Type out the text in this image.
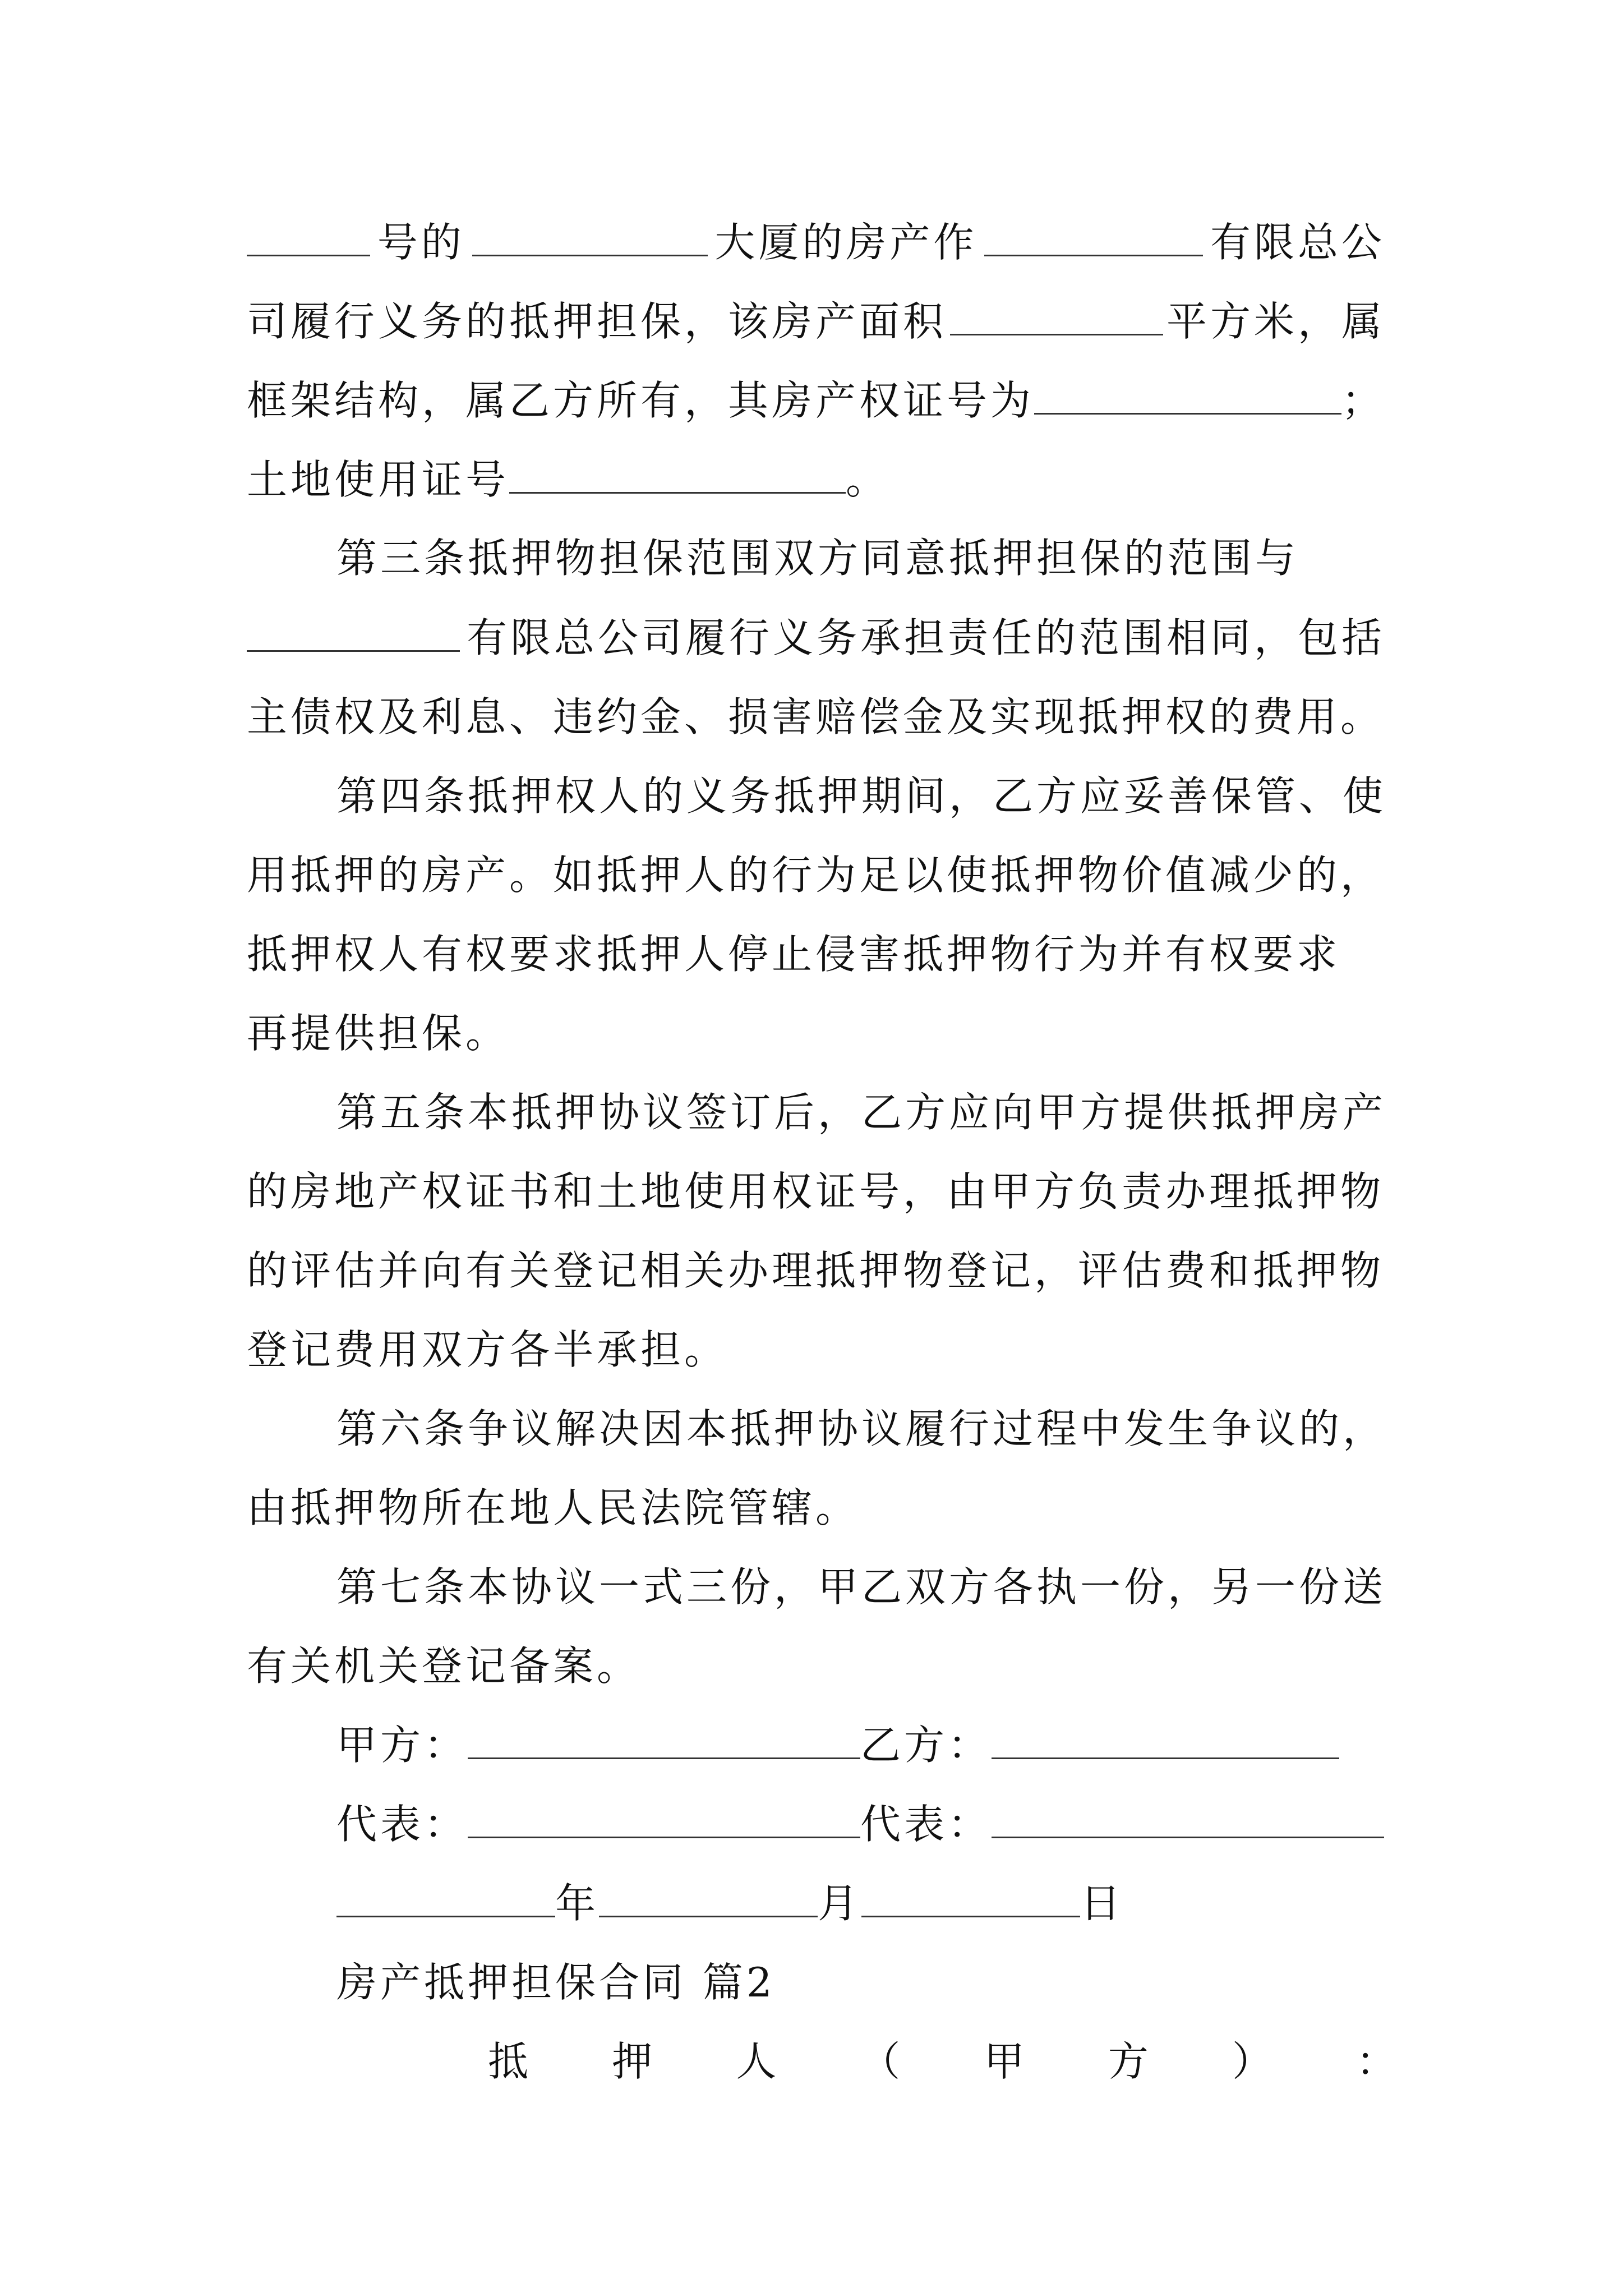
号的	大厦的房产作	有限总公
司履行义务的抵押担保，该房产面积	平方米，属
框架结构，属乙方所有，其房产权证号为	；
土地使用证号	。
第三条抵押物担保范围双方同意抵押担保的范围与
有限总公司履行义务承担责任的范围相同，包括
主债权及利息、违约金、损害赔偿金及实现抵押权的费用。
第四条抵押权人的义务抵押期间，乙方应妥善保管、使
用抵押的房产。如抵押人的行为足以使抵押物价值减少的，
抵押权人有权要求抵押人停止侵害抵押物行为并有权要求
再提供担保。
第五条本抵押协议签订后，乙方应向甲方提供抵押房产
的房地产权证书和土地使用权证号，由甲方负责办理抵押物
的评估并向有关登记相关办理抵押物登记，评估费和抵押物
登记费用双方各半承担。
第六条争议解决因本抵押协议履行过程中发生争议的，
由抵押物所在地人民法院管辖。
第七条本协议一式三份，甲乙双方各执一份，另一份送
有关机关登记备案。
甲方：	乙方：
代表：	代表：
年	月	日
房产抵押担保合同 篇2
抵 押 人 （ 甲 方 ） ：
